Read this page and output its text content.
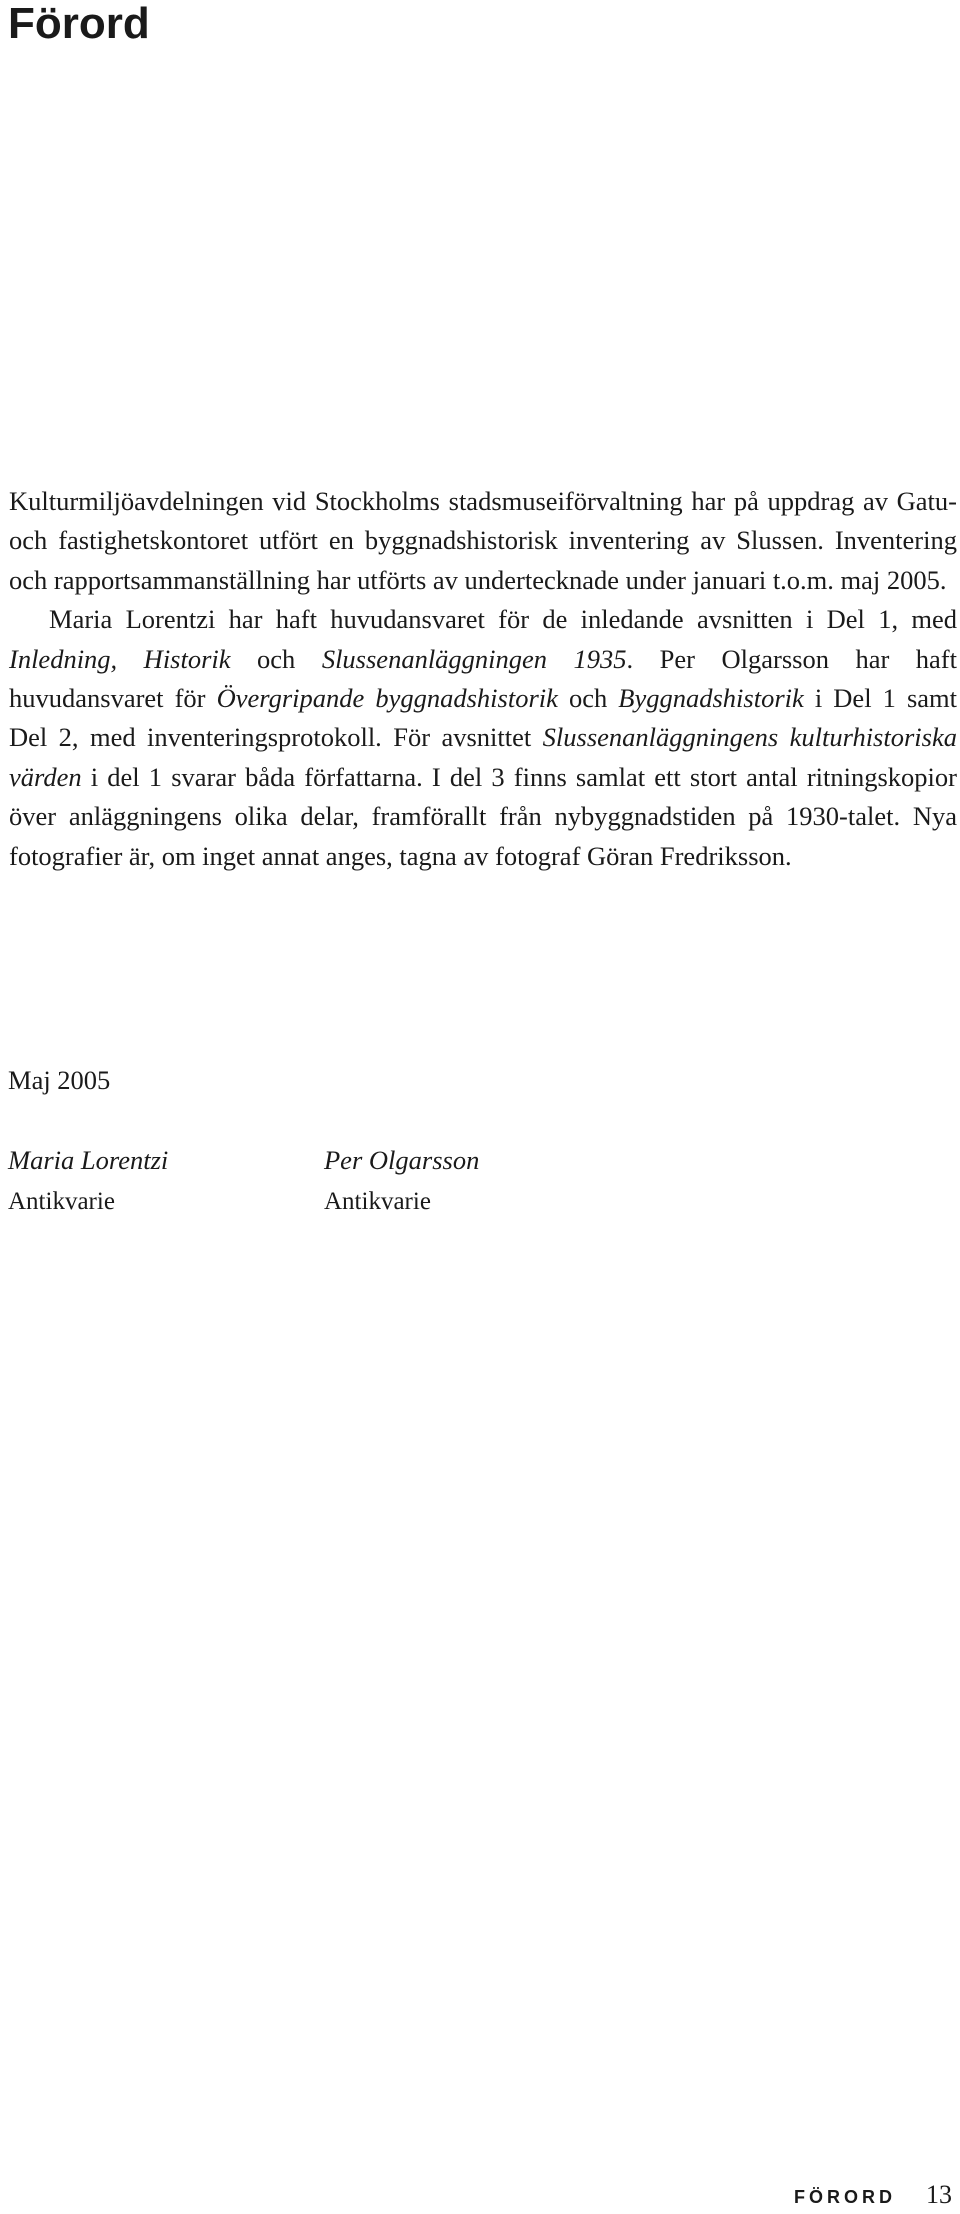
Förord

Kulturmiljöavdelningen vid Stockholms stadsmuseiförvaltning har på uppdrag av Gatu- och fastighetskontoret utfört en byggnadshistorisk inventering av Slussen. Inventering och rapportsammanställning har utförts av undertecknade under januari t.o.m. maj 2005.

Maria Lorentzi har haft huvudansvaret för de inledande avsnitten i Del 1, med Inledning, Historik och Slussenanläggningen 1935. Per Olgarsson har haft huvudansvaret för Övergripande byggnadshistorik och Byggnadshistorik i Del 1 samt Del 2, med inventeringsprotokoll. För avsnittet Slussenanläggningens kulturhistoriska värden i del 1 svarar båda författarna. I del 3 finns samlat ett stort antal ritningskopior över anläggningens olika delar, framförallt från nybyggnadstiden på 1930-talet. Nya fotografier är, om inget annat anges, tagna av fotograf Göran Fredriksson.

Maj 2005
Maria Lorentzi
Antikvarie
Per Olgarsson
Antikvarie
FÖRORD 13
